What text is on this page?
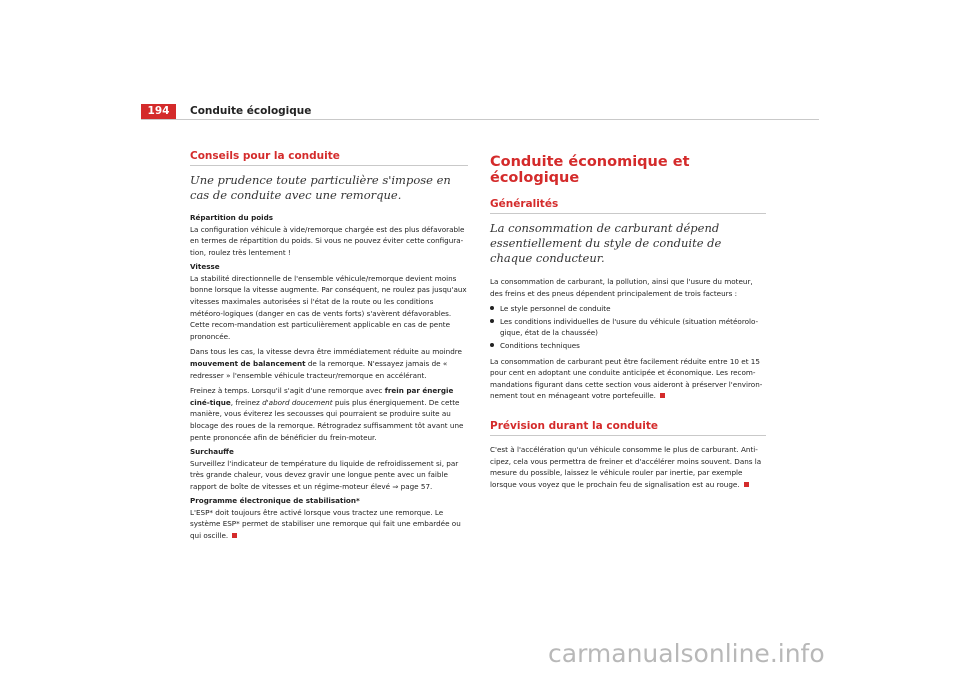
194	Conduite écologique
Conseils pour la conduite
Une prudence toute particulière s'impose en cas de conduite avec une remorque.
Répartition du poids

La configuration véhicule à vide/remorque chargée est des plus défavorable en termes de répartition du poids. Si vous ne pouvez éviter cette configura-tion, roulez très lentement !

Vitesse

La stabilité directionnelle de l'ensemble véhicule/remorque devient moins bonne lorsque la vitesse augmente. Par conséquent, ne roulez pas jusqu'aux vitesses maximales autorisées si l'état de la route ou les conditions météoro-logiques (danger en cas de vents forts) s'avèrent défavorables. Cette recom-mandation est particulièrement applicable en cas de pente prononcée.

Dans tous les cas, la vitesse devra être immédiatement réduite au moindre mouvement de balancement de la remorque. N'essayez jamais de « redresser » l'ensemble véhicule tracteur/remorque en accélérant.

Freinez à temps. Lorsqu'il s'agit d'une remorque avec frein par énergie ciné-tique, freinez d'abord doucement puis plus énergiquement. De cette manière, vous éviterez les secousses qui pourraient se produire suite au blocage des roues de la remorque. Rétrogradez suffisamment tôt avant une pente prononcée afin de bénéficier du frein-moteur.

Surchauffe

Surveillez l'indicateur de température du liquide de refroidissement si, par très grande chaleur, vous devez gravir une longue pente avec un faible rapport de boîte de vitesses et un régime-moteur élevé ⇒ page 57.

Programme électronique de stabilisation*

L'ESP* doit toujours être activé lorsque vous tractez une remorque. Le système ESP* permet de stabiliser une remorque qui fait une embardée ou qui oscille.

Conduite économique et écologique
Généralités
La consommation de carburant dépend essentiellement du style de conduite de chaque conducteur.

La consommation de carburant, la pollution, ainsi que l'usure du moteur, des freins et des pneus dépendent principalement de trois facteurs :

Le style personnel de conduite
Les conditions individuelles de l'usure du véhicule (situation météorolo-gique, état de la chaussée)
Conditions techniques

La consommation de carburant peut être facilement réduite entre 10 et 15 pour cent en adoptant une conduite anticipée et économique. Les recom-mandations figurant dans cette section vous aideront à préserver l'environ-nement tout en ménageant votre portefeuille.

Prévision durant la conduite

C'est à l'accélération qu'un véhicule consomme le plus de carburant. Anti-cipez, cela vous permettra de freiner et d'accélérer moins souvent. Dans la mesure du possible, laissez le véhicule rouler par inertie, par exemple lorsque vous voyez que le prochain feu de signalisation est au rouge.

carmanualsonline.info
